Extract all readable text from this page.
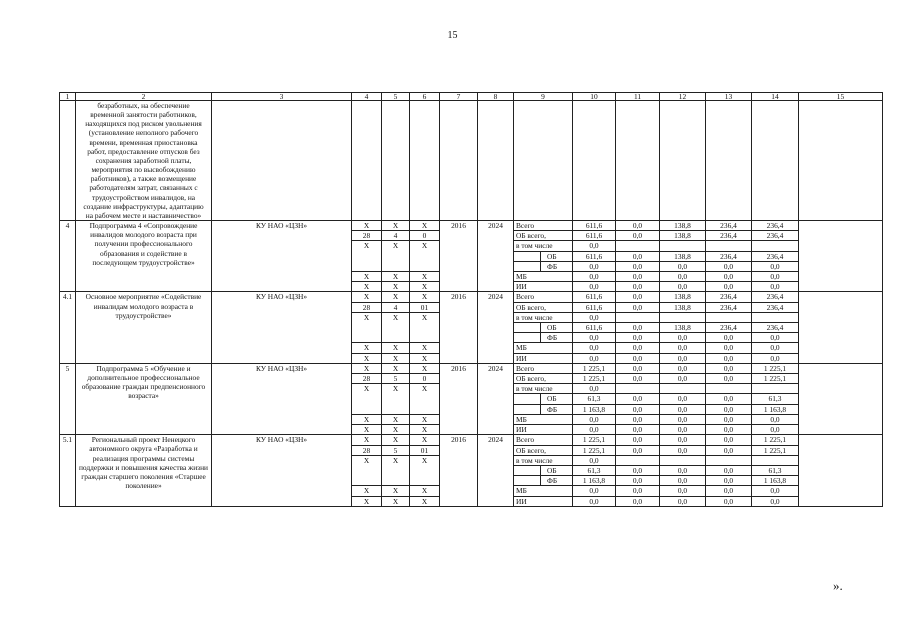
15
1	2	3	4	5	6	7	8	9		10	11	12	13	14	15
	безработных, на обеспечение временной занятости работников, находящихся под риском увольнения (установление неполного рабочего времени, временная приостановка работ, предоставление отпусков без сохранения заработной платы, мероприятия по высвобождению работников), а также возмещение работодателям затрат, связанных с трудоустройством инвалидов, на создание инфраструктуры, адаптацию на рабочем месте и наставничество»														
4	Подпрограмма 4 «Сопровождение инвалидов молодого возраста при получении профессионального образования и содействие в последующем трудоустройстве»	КУ НАО «ЦЗН»	Х	Х	Х	2016	2024	Всего		611,6	0,0	138,8	236,4	236,4	
			28	4	0			ОБ всего,		611,6	0,0	138,8	236,4	236,4	
			Х	Х	Х			в том числе		0,0					
									ОБ	611,6	0,0	138,8	236,4	236,4	
									ФБ	0,0	0,0	0,0	0,0	0,0	
			Х	Х	Х			МБ		0,0	0,0	0,0	0,0	0,0	
			Х	Х	Х			ИИ		0,0	0,0	0,0	0,0	0,0	
4.1	Основное мероприятие «Содействие инвалидам молодого возраста в трудоустройстве»	КУ НАО «ЦЗН»	Х	Х	Х	2016	2024	Всего		611,6	0,0	138,8	236,4	236,4	
			28	4	01			ОБ всего,		611,6	0,0	138,8	236,4	236,4	
			Х	Х	Х			в том числе		0,0					
									ОБ	611,6	0,0	138,8	236,4	236,4	
									ФБ	0,0	0,0	0,0	0,0	0,0	
			Х	Х	Х			МБ		0,0	0,0	0,0	0,0	0,0	
			Х	Х	Х			ИИ		0,0	0,0	0,0	0,0	0,0	
5	Подпрограмма 5 «Обучение и дополнительное профессиональное образование граждан предпенсионного возраста»	КУ НАО «ЦЗН»	Х	Х	Х	2016	2024	Всего		1 225,1	0,0	0,0	0,0	1 225,1	
			28	5	0			ОБ всего,		1 225,1	0,0	0,0	0,0	1 225,1	
			Х	Х	Х			в том числе		0,0					
									ОБ	61,3	0,0	0,0	0,0	61,3	
									ФБ	1 163,8	0,0	0,0	0,0	1 163,8	
			Х	Х	Х			МБ		0,0	0,0	0,0	0,0	0,0	
			Х	Х	Х			ИИ		0,0	0,0	0,0	0,0	0,0	
5.1	Региональный проект Ненецкого автономного округа «Разработка и реализация программы системы поддержки и повышения качества жизни граждан старшего поколения «Старшее поколение»	КУ НАО «ЦЗН»	Х	Х	Х	2016	2024	Всего		1 225,1	0,0	0,0	0,0	1 225,1	
			28	5	01			ОБ всего,		1 225,1	0,0	0,0	0,0	1 225,1	
			Х	Х	Х			в том числе		0,0					
									ОБ	61,3	0,0	0,0	0,0	61,3	
									ФБ	1 163,8	0,0	0,0	0,0	1 163,8	
			Х	Х	Х			МБ		0,0	0,0	0,0	0,0	0,0	
			Х	Х	Х			ИИ		0,0	0,0	0,0	0,0	0,0	
».
